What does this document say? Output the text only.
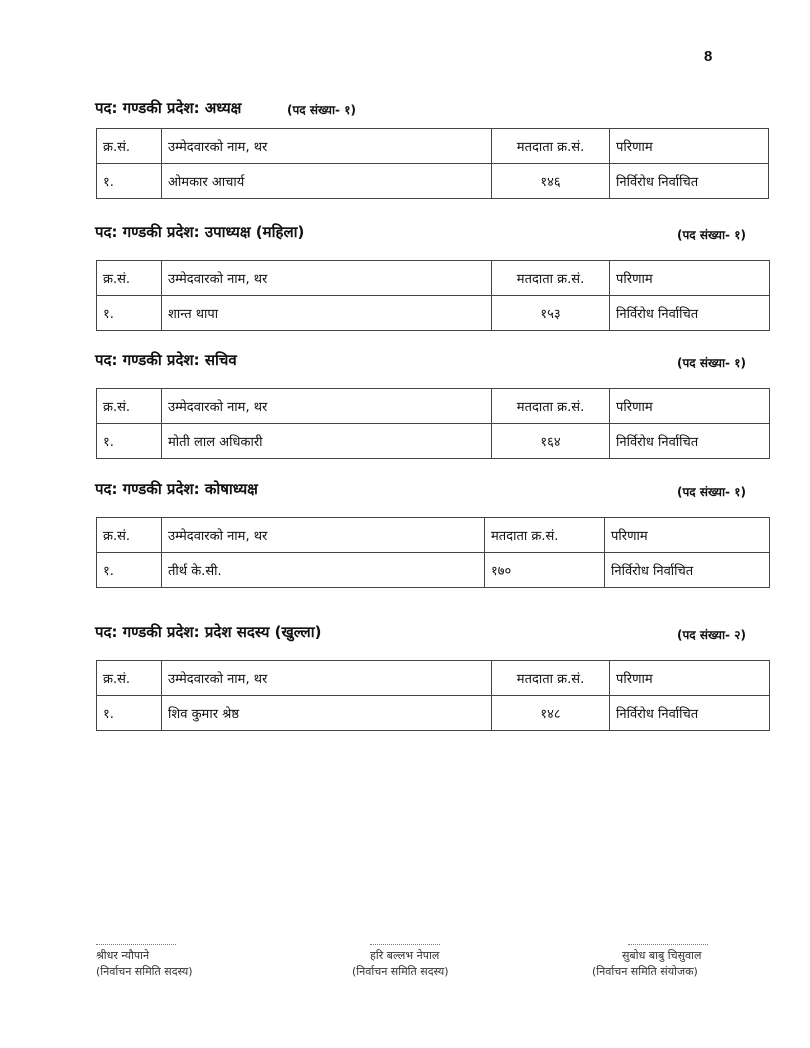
8
पद: गण्डकी प्रदेश: अध्यक्ष	(पद संख्या- १)
क्र.सं.	उम्मेदवारको नाम, थर	मतदाता क्र.सं.	परिणाम
१.	ओमकार आचार्य	१४६	निर्विरोध निर्वाचित
पद: गण्डकी प्रदेश: उपाध्यक्ष (महिला)	(पद संख्या- १)
क्र.सं.	उम्मेदवारको नाम, थर	मतदाता क्र.सं.	परिणाम
१.	शान्त थापा	१५३	निर्विरोध निर्वाचित
पद: गण्डकी प्रदेश: सचिव	(पद संख्या- १)
क्र.सं.	उम्मेदवारको नाम, थर	मतदाता क्र.सं.	परिणाम
१.	मोती लाल अधिकारी	१६४	निर्विरोध निर्वाचित
पद: गण्डकी प्रदेश: कोषाध्यक्ष	(पद संख्या- १)
क्र.सं.	उम्मेदवारको नाम, थर	मतदाता क्र.सं.	परिणाम
१.	तीर्थ के.सी.	१७०	निर्विरोध निर्वाचित
पद: गण्डकी प्रदेश: प्रदेश सदस्य (खुल्ला)	(पद संख्या- २)
क्र.सं.	उम्मेदवारको नाम, थर	मतदाता क्र.सं.	परिणाम
१.	शिव कुमार श्रेष्ठ	१४८	निर्विरोध निर्वाचित
श्रीधर न्यौपाने
(निर्वाचन समिति सदस्य)
हरि बल्लभ नेपाल
(निर्वाचन समिति सदस्य)
सुबोध बाबु चिसुवाल
(निर्वाचन समिति संयोजक)
